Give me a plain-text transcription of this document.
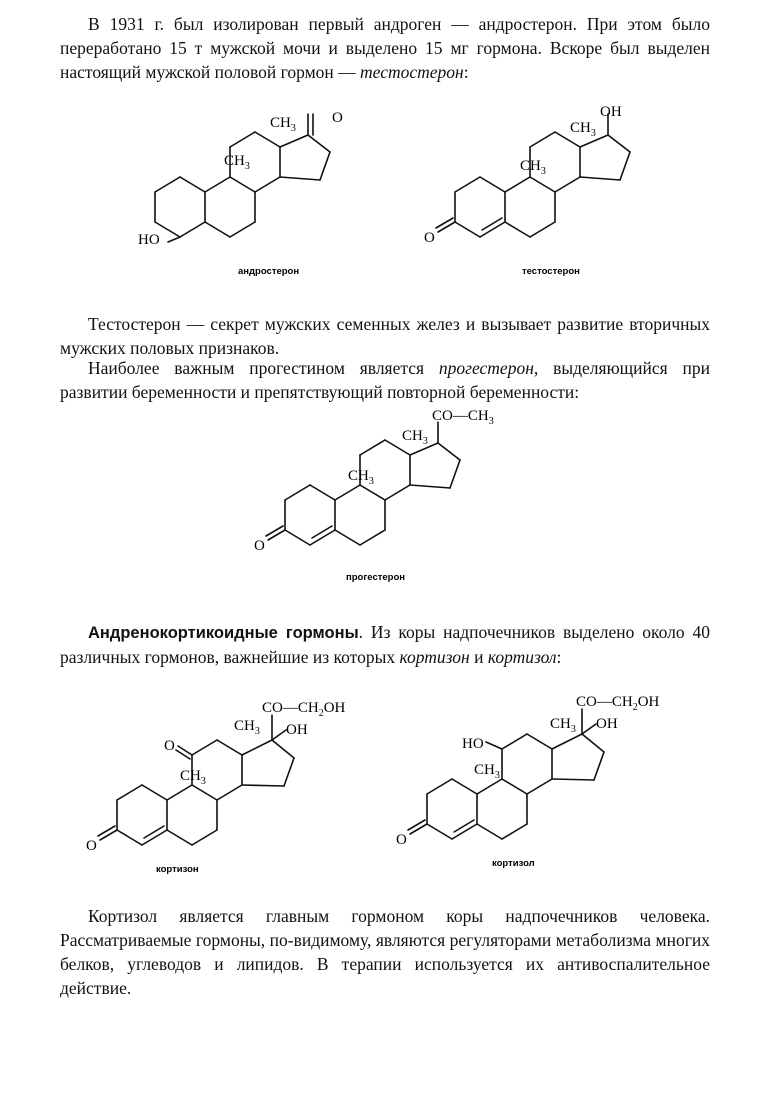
В 1931 г. был изолирован первый андроген — андростерон. При этом было переработано 15 т мужской мочи и выделено 15 мг гормона. Вскоре был выделен настоящий мужской половой гормон — тестостерон:

O
$CH_3$
$CH_3$
HO
андростерон
OH
$CH_3$
$CH_3$
O
тестостерон

Тестостерон — секрет мужских семенных желез и вызывает развитие вторичных мужских половых признаков.

Наиболее важным прогестином является прогестерон, выделяющийся при развитии беременности и препятствующий повторной беременности:

$CO—CH_3$
$CH_3$
$CH_3$
O
прогестерон

Андренокортикоидные гормоны. Из коры надпочечников выделено около 40 различных гормонов, важнейшие из которых кортизон и кортизол:

$CO—CH_2OH$
$CH_3$ OH
O
$CH_3$
O
кортизон
$CO—CH_2OH$
$CH_3$ OH
HO
$CH_3$
O
кортизол

Кортизол является главным гормоном коры надпочечников человека. Рассматриваемые гормоны, по-видимому, являются регуляторами метаболизма многих белков, углеводов и липидов. В терапии используется их антивоспалительное действие.
